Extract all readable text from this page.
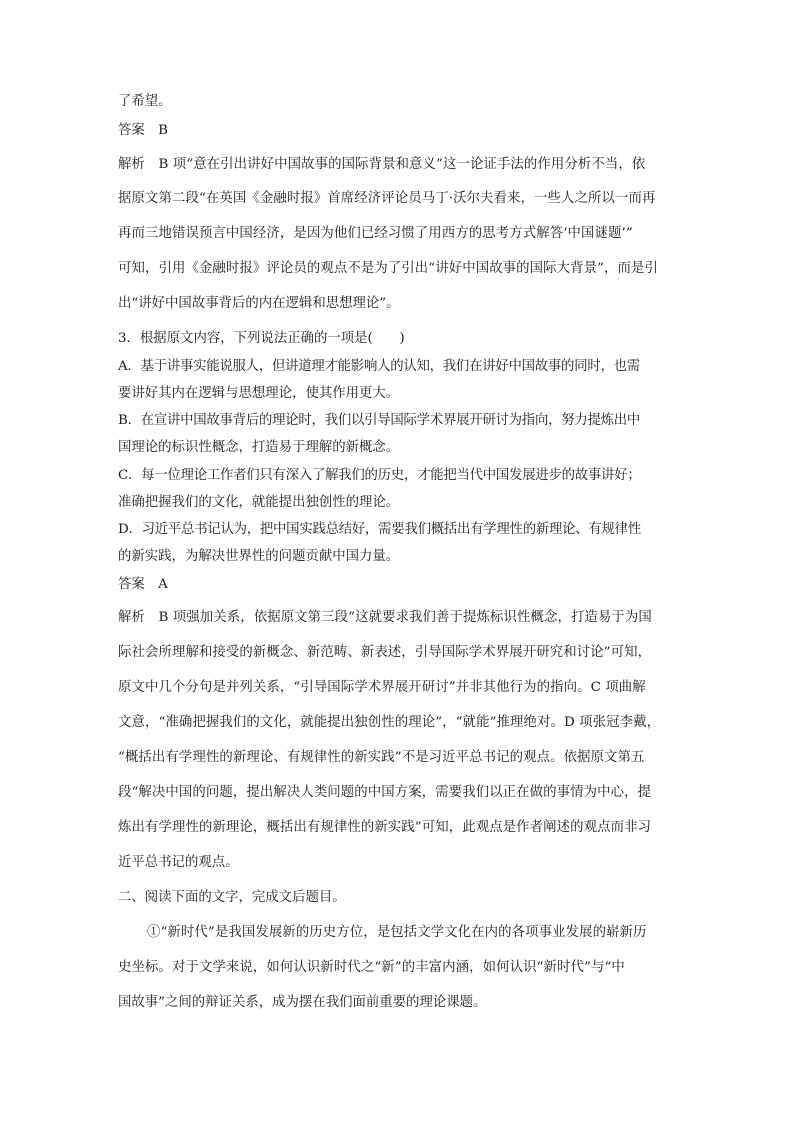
了希望。
答案　B
解析　B 项“意在引出讲好中国故事的国际背景和意义”这一论证手法的作用分析不当，依
据原文第二段“在英国《金融时报》首席经济评论员马丁·沃尔夫看来，一些人之所以一而再
再而三地错误预言中国经济，是因为他们已经习惯了用西方的思考方式解答‘中国谜题’”
可知，引用《金融时报》评论员的观点不是为了引出“讲好中国故事的国际大背景”，而是引
出“讲好中国故事背后的内在逻辑和思想理论”。
3．根据原文内容，下列说法正确的一项是(　　)
A．基于讲事实能说服人，但讲道理才能影响人的认知，我们在讲好中国故事的同时，也需
要讲好其内在逻辑与思想理论，使其作用更大。
B．在宣讲中国故事背后的理论时，我们以引导国际学术界展开研讨为指向，努力提炼出中
国理论的标识性概念，打造易于理解的新概念。
C．每一位理论工作者们只有深入了解我们的历史，才能把当代中国发展进步的故事讲好；
准确把握我们的文化，就能提出独创性的理论。
D．习近平总书记认为，把中国实践总结好，需要我们概括出有学理性的新理论、有规律性
的新实践，为解决世界性的问题贡献中国力量。
答案　A
解析　B 项强加关系，依据原文第三段“这就要求我们善于提炼标识性概念，打造易于为国
际社会所理解和接受的新概念、新范畴、新表述，引导国际学术界展开研究和讨论”可知，
原文中几个分句是并列关系，“引导国际学术界展开研讨”并非其他行为的指向。C 项曲解
文意，“准确把握我们的文化，就能提出独创性的理论”，“就能”推理绝对。D 项张冠李戴，
“概括出有学理性的新理论、有规律性的新实践”不是习近平总书记的观点。依据原文第五
段“解决中国的问题，提出解决人类问题的中国方案，需要我们以正在做的事情为中心，提
炼出有学理性的新理论，概括出有规律性的新实践”可知，此观点是作者阐述的观点而非习
近平总书记的观点。
二、阅读下面的文字，完成文后题目。
①“新时代”是我国发展新的历史方位，是包括文学文化在内的各项事业发展的崭新历
史坐标。对于文学来说，如何认识新时代之“新”的丰富内涵，如何认识“新时代”与“中
国故事”之间的辩证关系，成为摆在我们面前重要的理论课题。
